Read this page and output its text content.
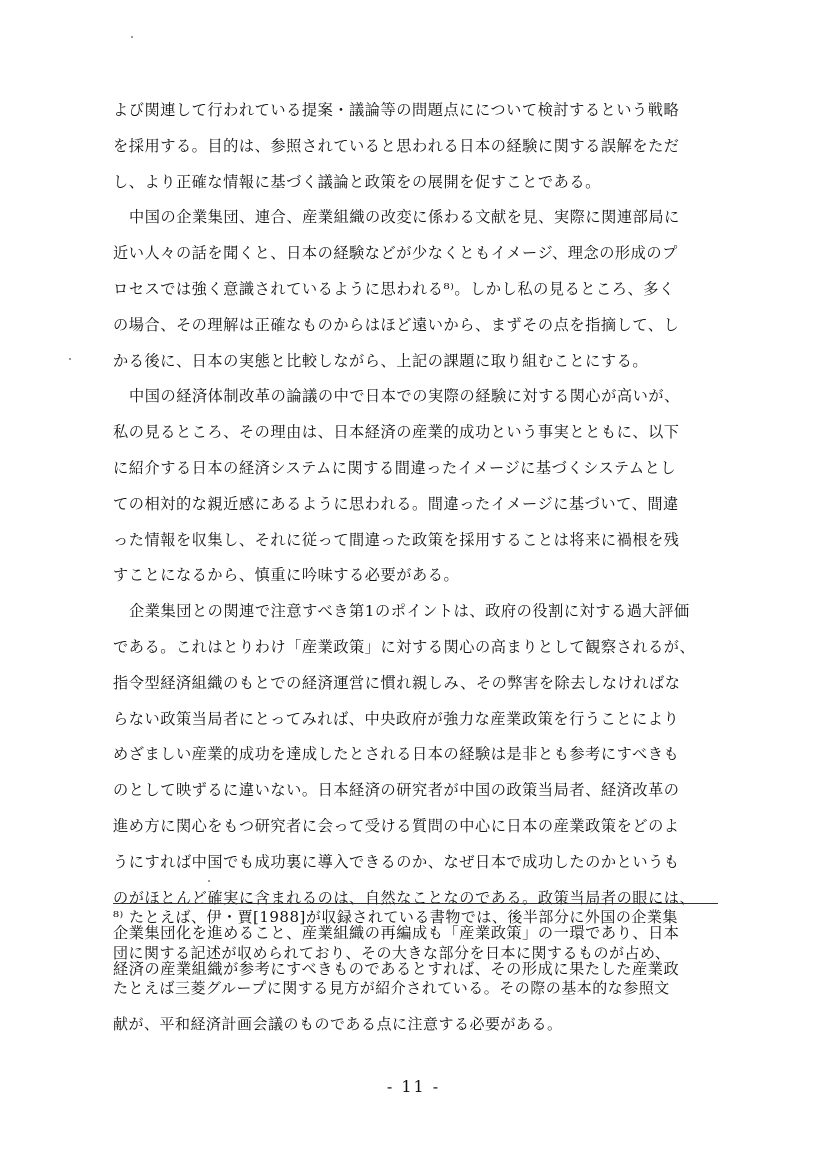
よび関連して行われている提案・議論等の問題点にについて検討するという戦略
を採用する。目的は、参照されていると思われる日本の経験に関する誤解をただ
し、より正確な情報に基づく議論と政策をの展開を促すことである。
中国の企業集団、連合、産業組織の改変に係わる文献を見、実際に関連部局に
近い人々の話を聞くと、日本の経験などが少なくともイメージ、理念の形成のプ
ロセスでは強く意識されているように思われる⁸⁾。しかし私の見るところ、多く
の場合、その理解は正確なものからはほど遠いから、まずその点を指摘して、し
かる後に、日本の実態と比較しながら、上記の課題に取り組むことにする。
中国の経済体制改革の論議の中で日本での実際の経験に対する関心が高いが、
私の見るところ、その理由は、日本経済の産業的成功という事実とともに、以下
に紹介する日本の経済システムに関する間違ったイメージに基づくシステムとし
ての相対的な親近感にあるように思われる。間違ったイメージに基づいて、間違
った情報を収集し、それに従って間違った政策を採用することは将来に禍根を残
すことになるから、慎重に吟味する必要がある。
企業集団との関連で注意すべき第1のポイントは、政府の役割に対する過大評価
である。これはとりわけ「産業政策」に対する関心の高まりとして観察されるが、
指令型経済組織のもとでの経済運営に慣れ親しみ、その弊害を除去しなければな
らない政策当局者にとってみれば、中央政府が強力な産業政策を行うことにより
めざましい産業的成功を達成したとされる日本の経験は是非とも参考にすべきも
のとして映ずるに違いない。日本経済の研究者が中国の政策当局者、経済改革の
進め方に関心をもつ研究者に会って受ける質問の中心に日本の産業政策をどのよ
うにすれば中国でも成功裏に導入できるのか、なぜ日本で成功したのかというも
のがほとんど確実に含まれるのは、自然なことなのである。政策当局者の眼には、
企業集団化を進めること、産業組織の再編成も「産業政策」の一環であり、日本
経済の産業組織が参考にすべきものであるとすれば、その形成に果たした産業政
⁸⁾ たとえば、伊・賈[1988]が収録されている書物では、後半部分に外国の企業集
団に関する記述が収められており、その大きな部分を日本に関するものが占め、
たとえば三菱グループに関する見方が紹介されている。その際の基本的な参照文
献が、平和経済計画会議のものである点に注意する必要がある。
- 11 -
